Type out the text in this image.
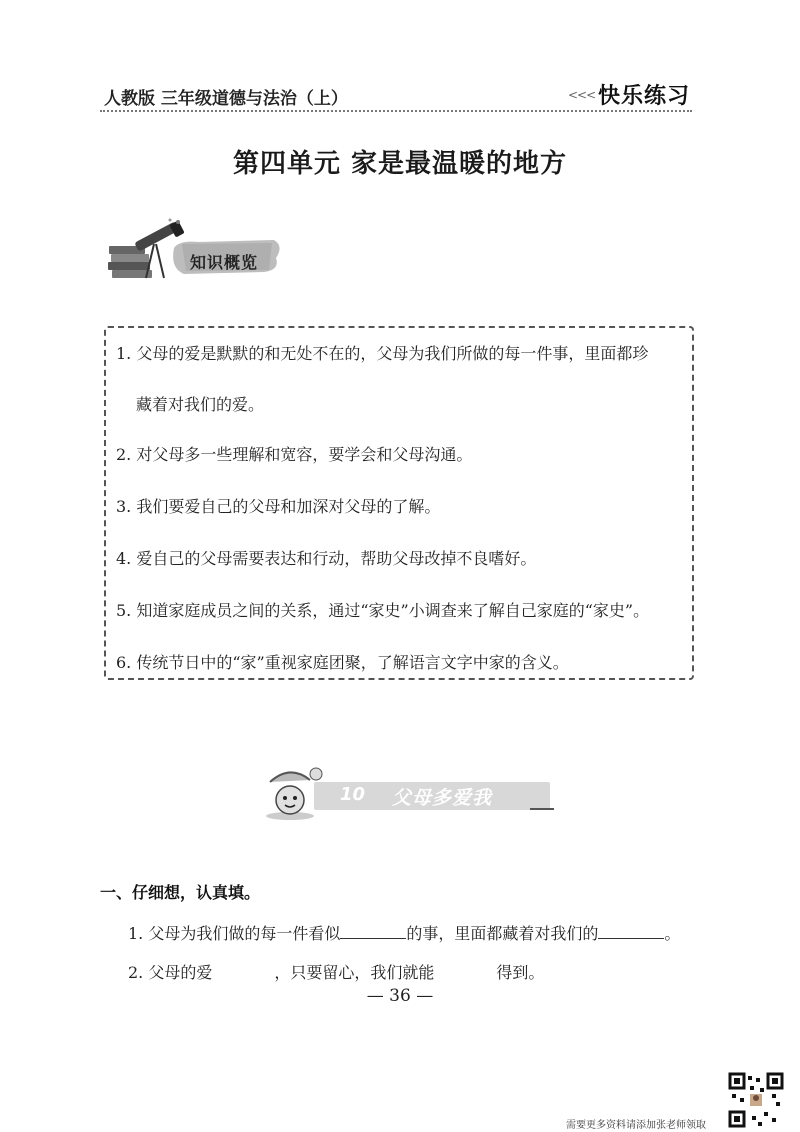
人教版 三年级道德与法治（上）	<<< 快乐练习
第四单元 家是最温暖的地方
知识概览
1. 父母的爱是默默的和无处不在的，父母为我们所做的每一件事，里面都珍
藏着对我们的爱。
2. 对父母多一些理解和宽容，要学会和父母沟通。
3. 我们要爱自己的父母和加深对父母的了解。
4. 爱自己的父母需要表达和行动，帮助父母改掉不良嗜好。
5. 知道家庭成员之间的关系，通过“家史”小调查来了解自己家庭的“家史”。
6. 传统节日中的“家”重视家庭团聚，了解语言文字中家的含义。
10 父母多爱我
一、仔细想，认真填。
1. 父母为我们做的每一件看似	的事，里面都藏着对我们的	。
2. 父母的爱	，只要留心，我们就能	得到。
— 36 —
需要更多资料请添加张老师领取
